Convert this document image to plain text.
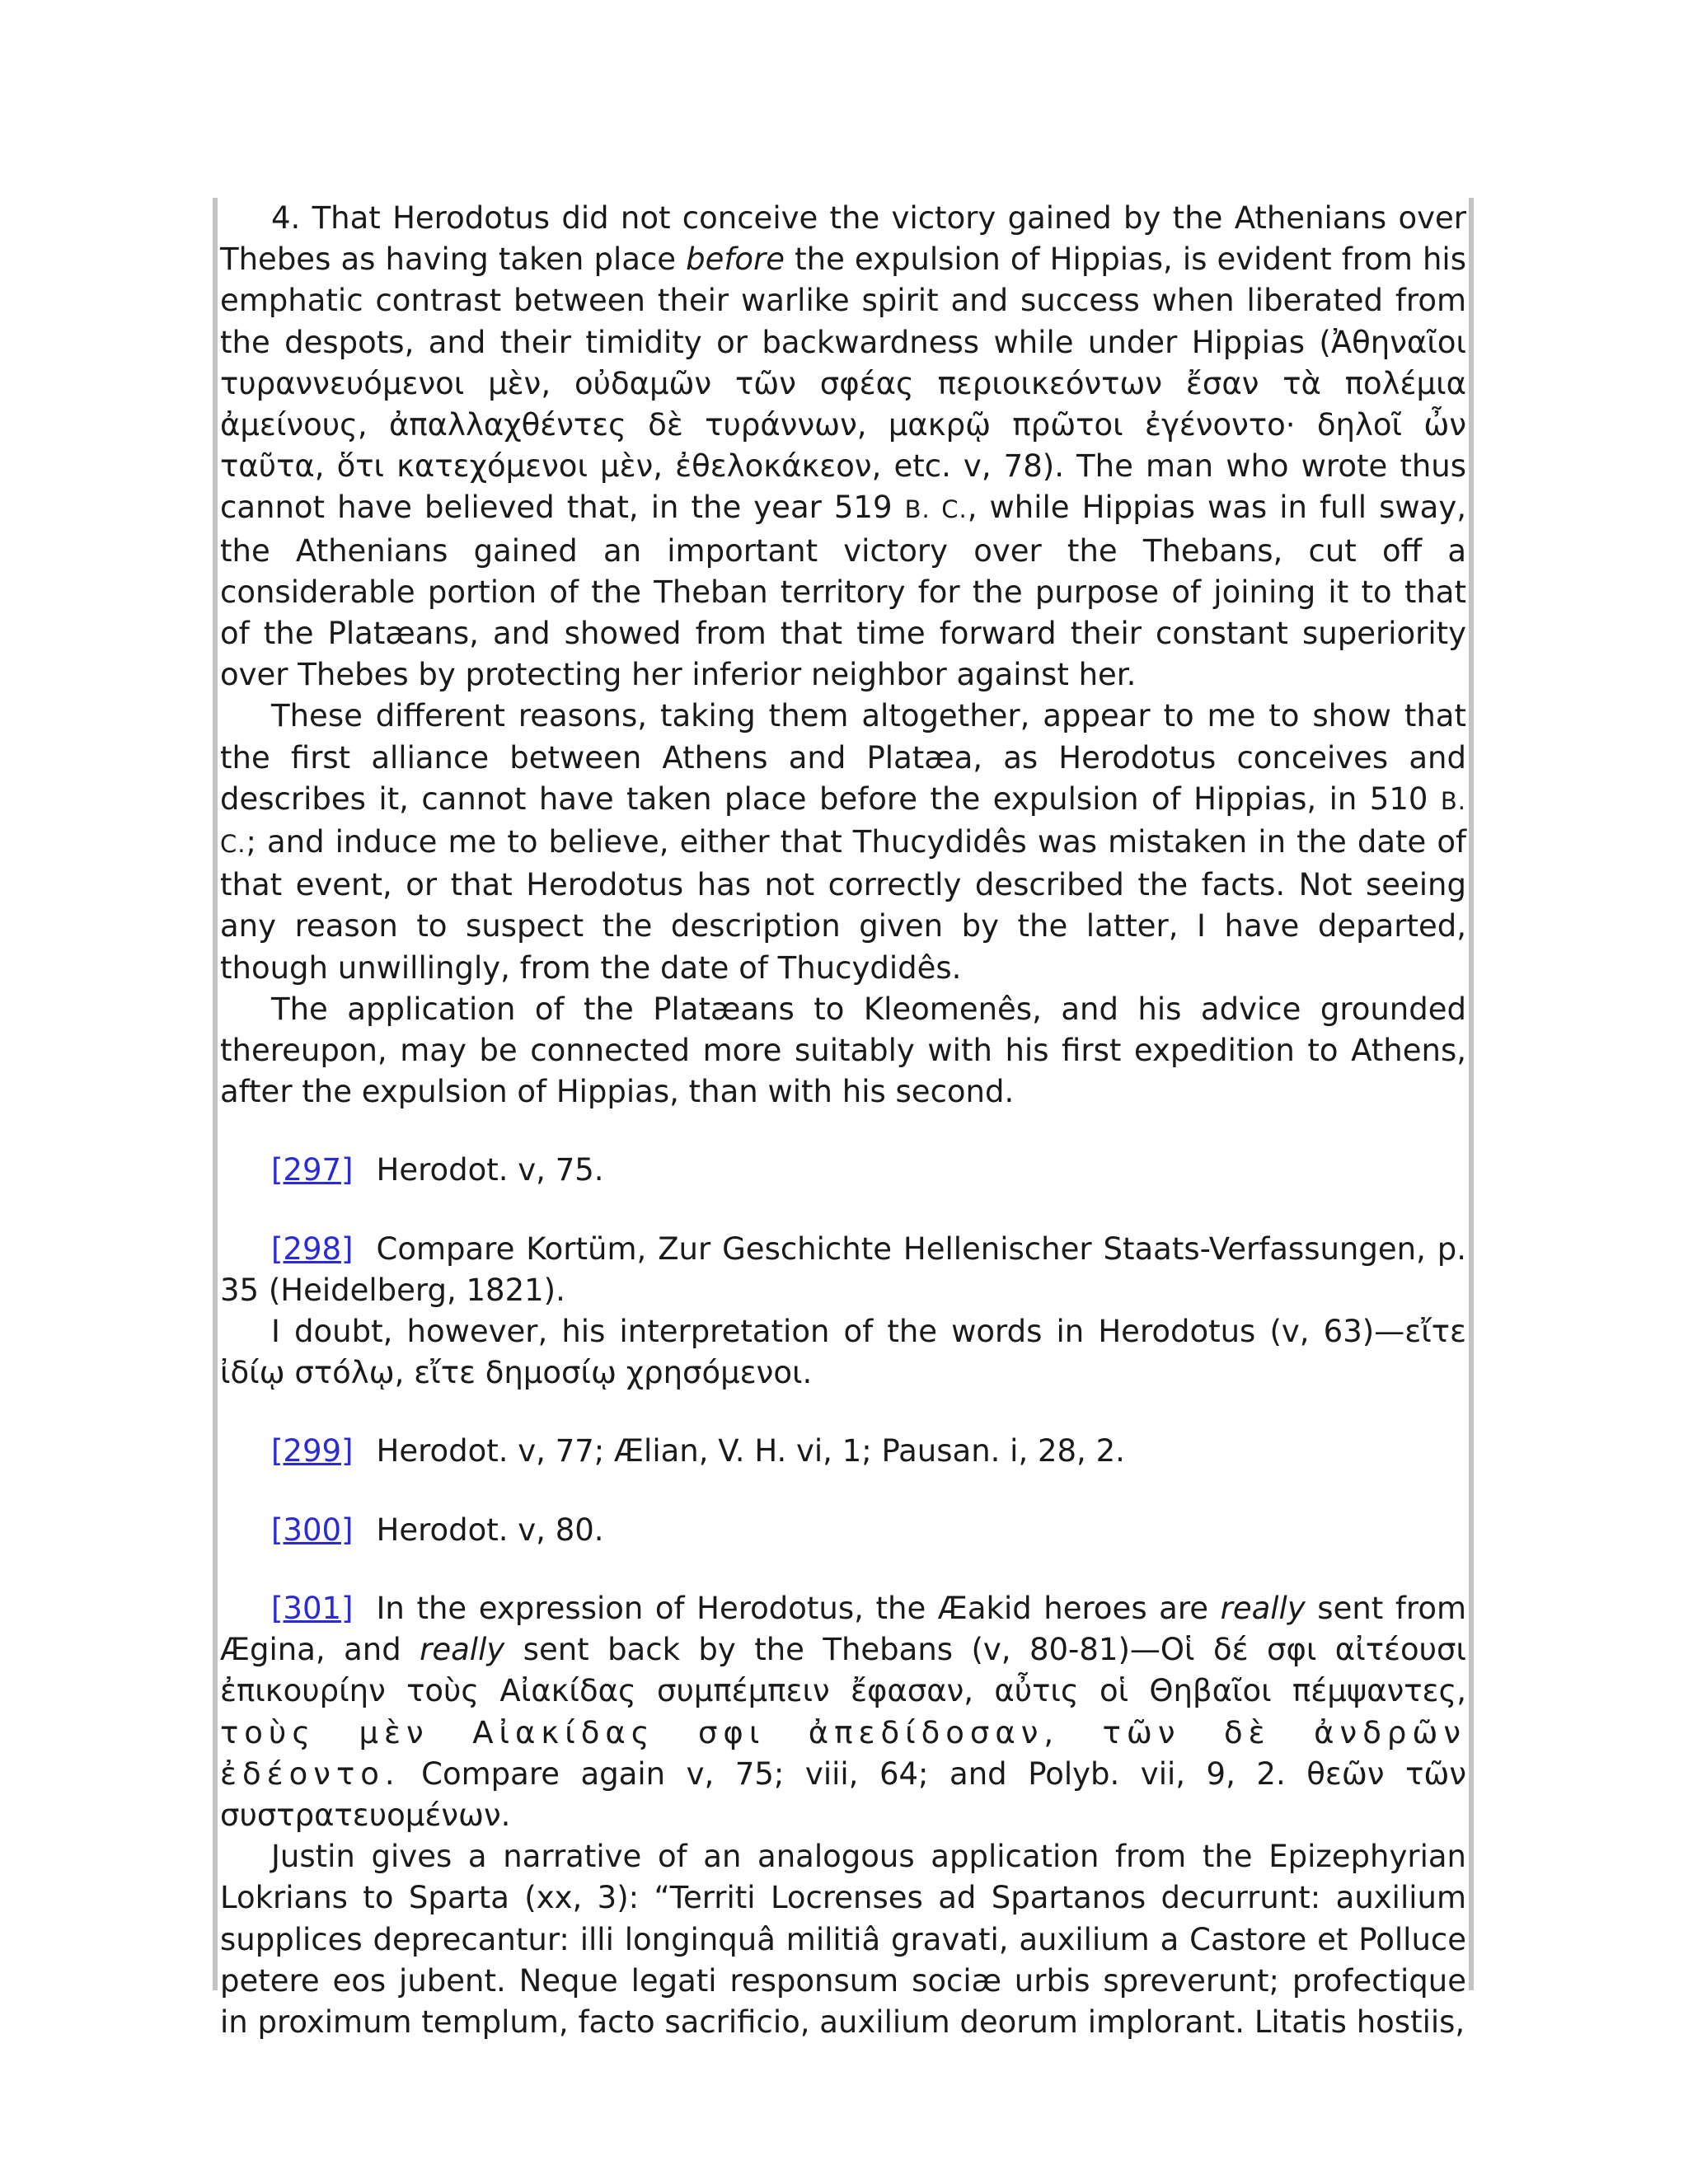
4. That Herodotus did not conceive the victory gained by the Athenians over Thebes as having taken place before the expulsion of Hippias, is evident from his emphatic contrast between their warlike spirit and success when liberated from the despots, and their timidity or backwardness while under Hippias (Ἀθηναῖοι τυραννευόμενοι μὲν, οὐδαμῶν τῶν σφέας περιοικεόντων ἔσαν τὰ πολέμια ἀμείνους, ἀπαλλαχθέντες δὲ τυράννων, μακρῷ πρῶτοι ἐγένοντο· δηλοῖ ὦν ταῦτα, ὅτι κατεχόμενοι μὲν, ἐθελοκάκεον, etc. v, 78). The man who wrote thus cannot have believed that, in the year 519 B. C., while Hippias was in full sway, the Athenians gained an important victory over the Thebans, cut off a considerable portion of the Theban territory for the purpose of joining it to that of the Platæans, and showed from that time forward their constant superiority over Thebes by protecting her inferior neighbor against her.

These different reasons, taking them altogether, appear to me to show that the first alliance between Athens and Platæa, as Herodotus conceives and describes it, cannot have taken place before the expulsion of Hippias, in 510 B. C.; and induce me to believe, either that Thucydidês was mistaken in the date of that event, or that Herodotus has not correctly described the facts. Not seeing any reason to suspect the description given by the latter, I have departed, though unwillingly, from the date of Thucydidês.

The application of the Platæans to Kleomenês, and his advice grounded thereupon, may be connected more suitably with his first expedition to Athens, after the expulsion of Hippias, than with his second.

[297] Herodot. v, 75.

[298] Compare Kortüm, Zur Geschichte Hellenischer Staats-Verfassungen, p. 35 (Heidelberg, 1821).

I doubt, however, his interpretation of the words in Herodotus (v, 63)—εἴτε ἰδίῳ στόλῳ, εἴτε δημοσίῳ χρησόμενοι.

[299] Herodot. v, 77; Ælian, V. H. vi, 1; Pausan. i, 28, 2.

[300] Herodot. v, 80.

[301] In the expression of Herodotus, the Æakid heroes are really sent from Ægina, and really sent back by the Thebans (v, 80-81)—Οἱ δέ σφι αἰτέουσι ἐπικουρίην τοὺς Αἰακίδας συμπέμπειν ἔφασαν, αὖτις οἱ Θηβαῖοι πέμψαντες, τοὺς μὲν Αἰακίδας σφι ἀπεδίδοσαν, τῶν δὲ ἀνδρῶν ἐδέοντο. Compare again v, 75; viii, 64; and Polyb. vii, 9, 2. θεῶν τῶν συστρατευομένων.

Justin gives a narrative of an analogous application from the Epizephyrian Lokrians to Sparta (xx, 3): “Territi Locrenses ad Spartanos decurrunt: auxilium supplices deprecantur: illi longinquâ militiâ gravati, auxilium a Castore et Polluce petere eos jubent. Neque legati responsum sociæ urbis spreverunt; profectique in proximum templum, facto sacrificio, auxilium deorum implorant. Litatis hostiis,
